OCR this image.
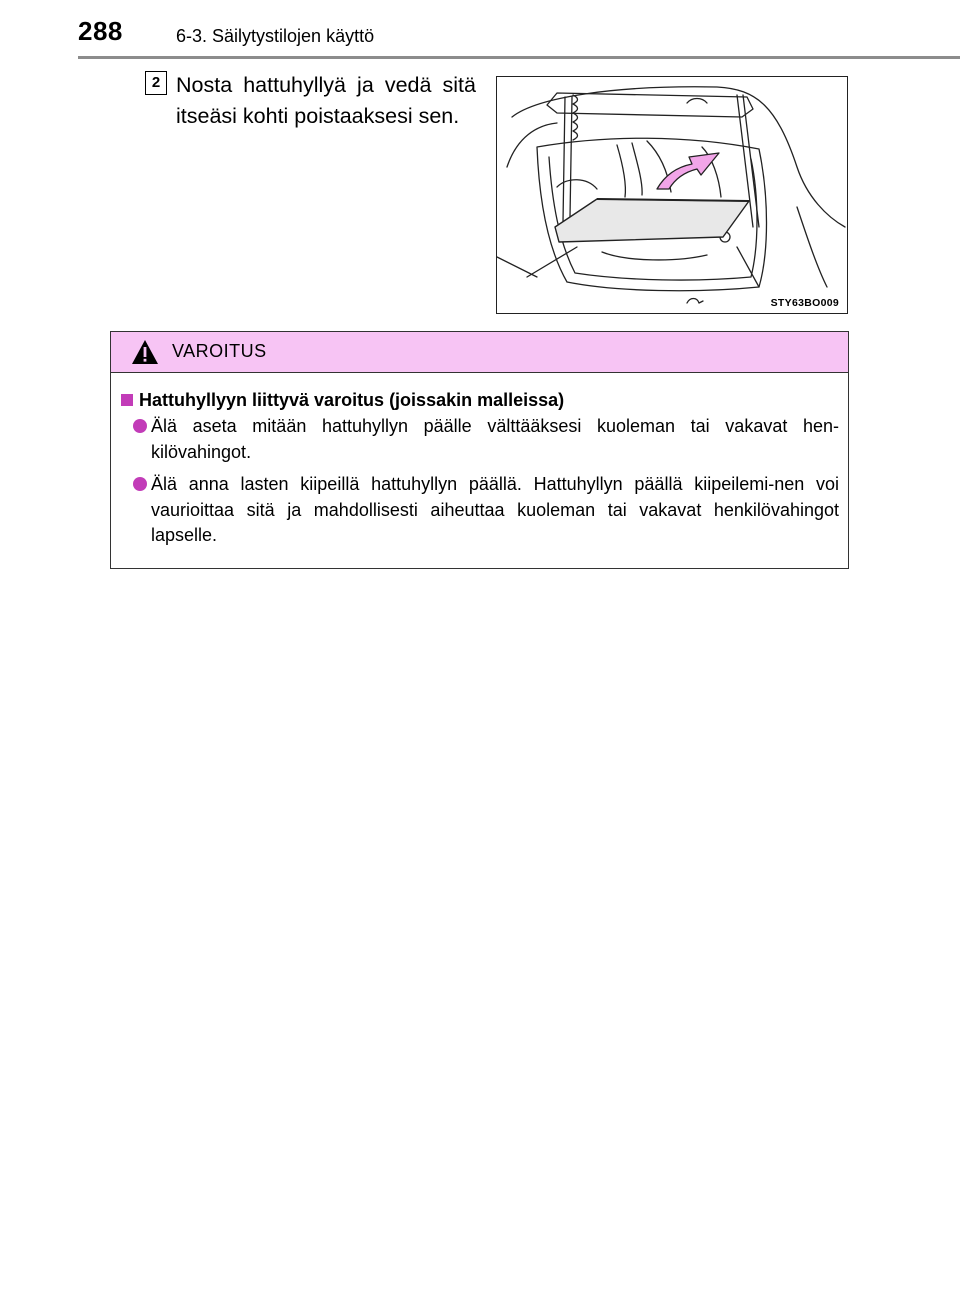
288	6-3. Säilytystilojen käyttö
2 Nosta hattuhyllyä ja vedä sitä itseäsi kohti poistaaksesi sen.
STY63BO009
VAROITUS
Hattuhyllyyn liittyvä varoitus (joissakin malleissa)
Älä aseta mitään hattuhyllyn päälle välttääksesi kuoleman tai vakavat hen-kilövahingot.
Älä anna lasten kiipeillä hattuhyllyn päällä. Hattuhyllyn päällä kiipeilemi-nen voi vaurioittaa sitä ja mahdollisesti aiheuttaa kuoleman tai vakavat henkilövahingot lapselle.
